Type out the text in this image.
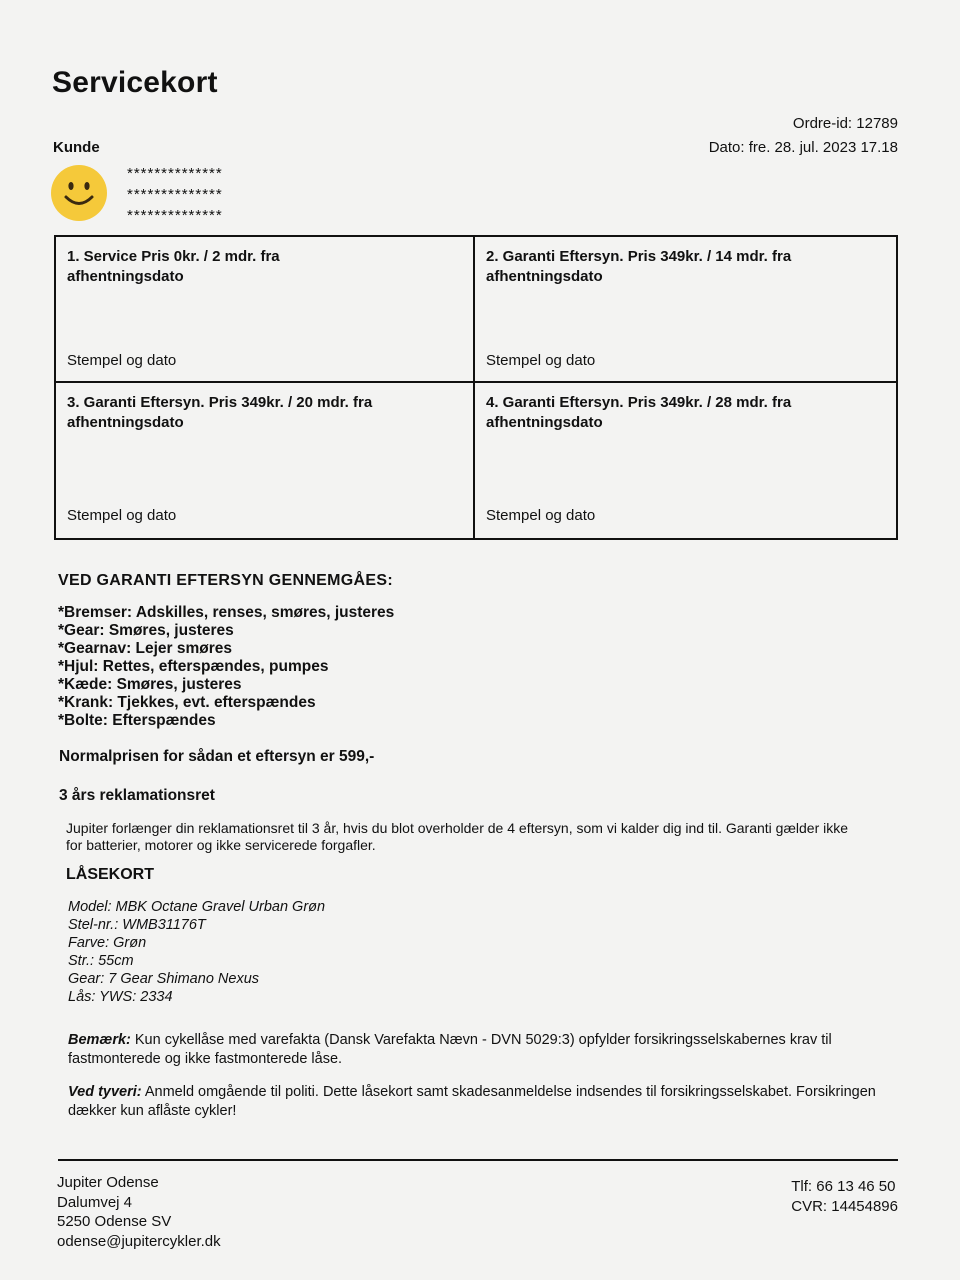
Servicekort
Ordre-id: 12789
Dato: fre. 28. jul. 2023 17.18
Kunde
**************
**************
**************
1. Service Pris 0kr. / 2 mdr. fra afhentningsdato
Stempel og dato
2. Garanti Eftersyn. Pris 349kr. / 14 mdr. fra afhentningsdato
Stempel og dato
3. Garanti Eftersyn. Pris 349kr. / 20 mdr. fra afhentningsdato
Stempel og dato
4. Garanti Eftersyn. Pris 349kr. / 28 mdr. fra afhentningsdato
Stempel og dato
VED GARANTI EFTERSYN GENNEMGÅES:
*Bremser: Adskilles, renses, smøres, justeres
*Gear: Smøres, justeres
*Gearnav: Lejer smøres
*Hjul: Rettes, efterspændes, pumpes
*Kæde: Smøres, justeres
*Krank: Tjekkes, evt. efterspændes
*Bolte: Efterspændes
Normalprisen for sådan et eftersyn er 599,-
3 års reklamationsret

Jupiter forlænger din reklamationsret til 3 år, hvis du blot overholder de 4 eftersyn, som vi kalder dig ind til. Garanti gælder ikke for batterier, motorer og ikke servicerede forgafler.

LÅSEKORT
Model: MBK Octane Gravel Urban Grøn
Stel-nr.: WMB31176T
Farve: Grøn
Str.: 55cm
Gear: 7 Gear Shimano Nexus
Lås: YWS: 2334

Bemærk: Kun cykellåse med varefakta (Dansk Varefakta Nævn - DVN 5029:3) opfylder forsikringsselskabernes krav til fastmonterede og ikke fastmonterede låse.

Ved tyveri: Anmeld omgående til politi. Dette låsekort samt skadesanmeldelse indsendes til forsikringsselskabet. Forsikringen dækker kun aflåste cykler!

Jupiter Odense
Dalumvej 4
5250 Odense SV
odense@jupitercykler.dk
Tlf: 66 13 46 50
CVR: 14454896
